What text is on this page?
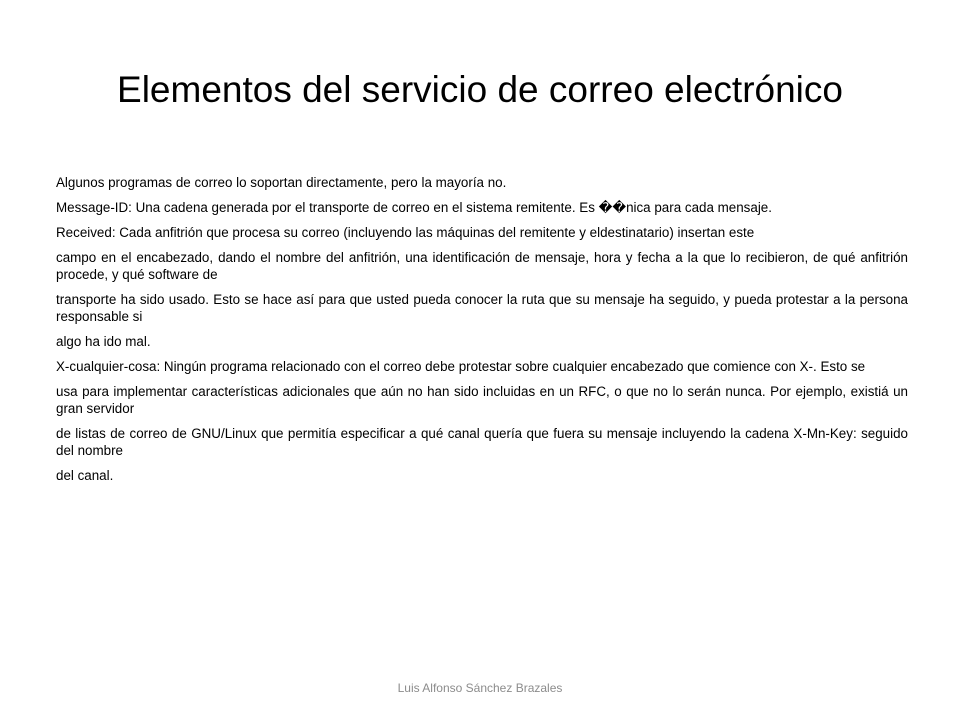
Elementos del servicio de correo electrónico
Algunos programas de correo lo soportan directamente, pero la mayoría no.
Message-ID: Una cadena generada por el transporte de correo en el sistema remitente. Es ��nica para cada mensaje.
Received: Cada anfitrión que procesa su correo (incluyendo las máquinas del remitente y eldestinatario) insertan este
campo en el encabezado, dando el nombre del anfitrión, una identificación de mensaje, hora y fecha a la que lo recibieron, de qué anfitrión procede, y qué software de
transporte ha sido usado. Esto se hace así para que usted pueda conocer la ruta que su mensaje ha seguido, y pueda protestar a la persona responsable si
algo ha ido mal.
X-cualquier-cosa: Ningún programa relacionado con el correo debe protestar sobre cualquier encabezado que comience con X-. Esto se
usa para implementar características adicionales que aún no han sido incluidas en un RFC, o que no lo serán nunca. Por ejemplo, existiá un gran servidor
de listas de correo de GNU/Linux que permitía especificar a qué canal quería que fuera su mensaje incluyendo la cadena X-Mn-Key: seguido del nombre
del canal.
Luis Alfonso Sánchez Brazales
